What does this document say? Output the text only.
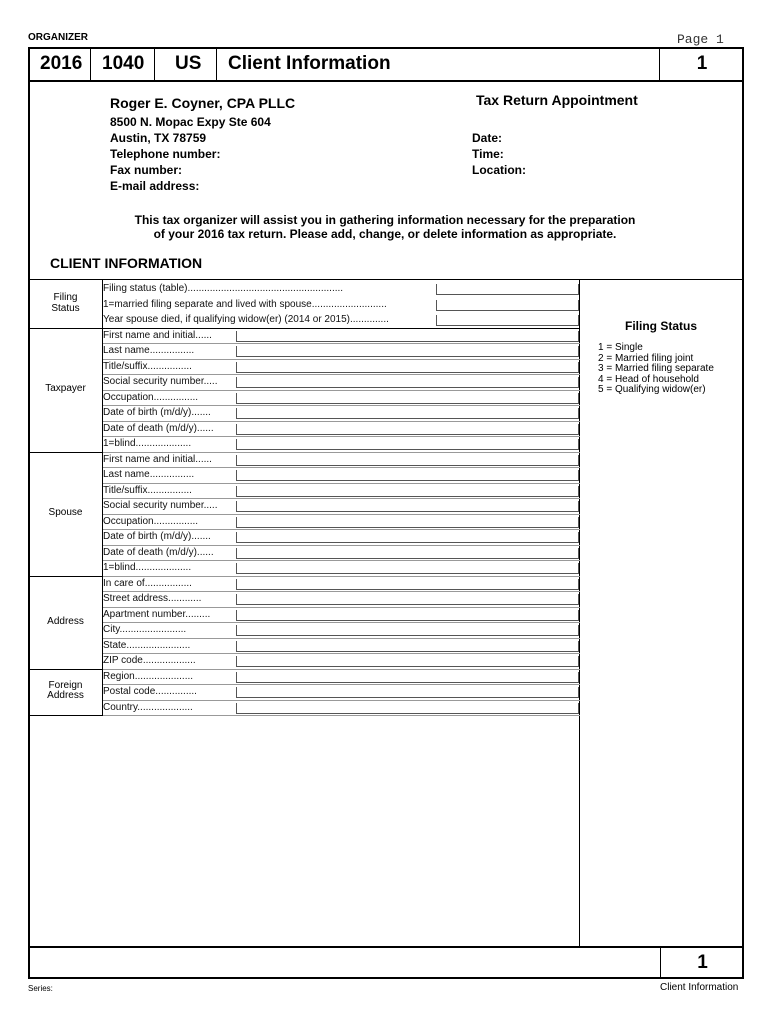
ORGANIZER	Page 1
2016	1040	US	Client Information	1
Roger E. Coyner, CPA PLLC
8500 N. Mopac Expy Ste 604
Austin, TX 78759
Telephone number:
Fax number:
E-mail address:
Tax Return Appointment
Date:
Time:
Location:
This tax organizer will assist you in gathering information necessary for the preparation
of your 2016 tax return. Please add, change, or delete information as appropriate.
CLIENT INFORMATION
Filing Status
1 = Single
2 = Married filing joint
3 = Married filing separate
4 = Head of household
5 = Qualifying widow(er)
Filing status (table)........................................................
1=married filing separate and lived with spouse...........................
Year spouse died, if qualifying widow(er) (2014 or 2015)..............
Filing Status
First name and initial......
Last name................
Title/suffix................
Social security number.....
Occupation................
Date of birth (m/d/y).......
Date of death (m/d/y)......
1=blind....................
Taxpayer
First name and initial......
Last name................
Title/suffix................
Social security number.....
Occupation................
Date of birth (m/d/y).......
Date of death (m/d/y)......
1=blind....................
Spouse
In care of.................
Street address............
Apartment number.........
City........................
State.......................
ZIP code...................
Address
Region.....................
Postal code...............
Country....................
Foreign Address
1
Series:	Client Information
